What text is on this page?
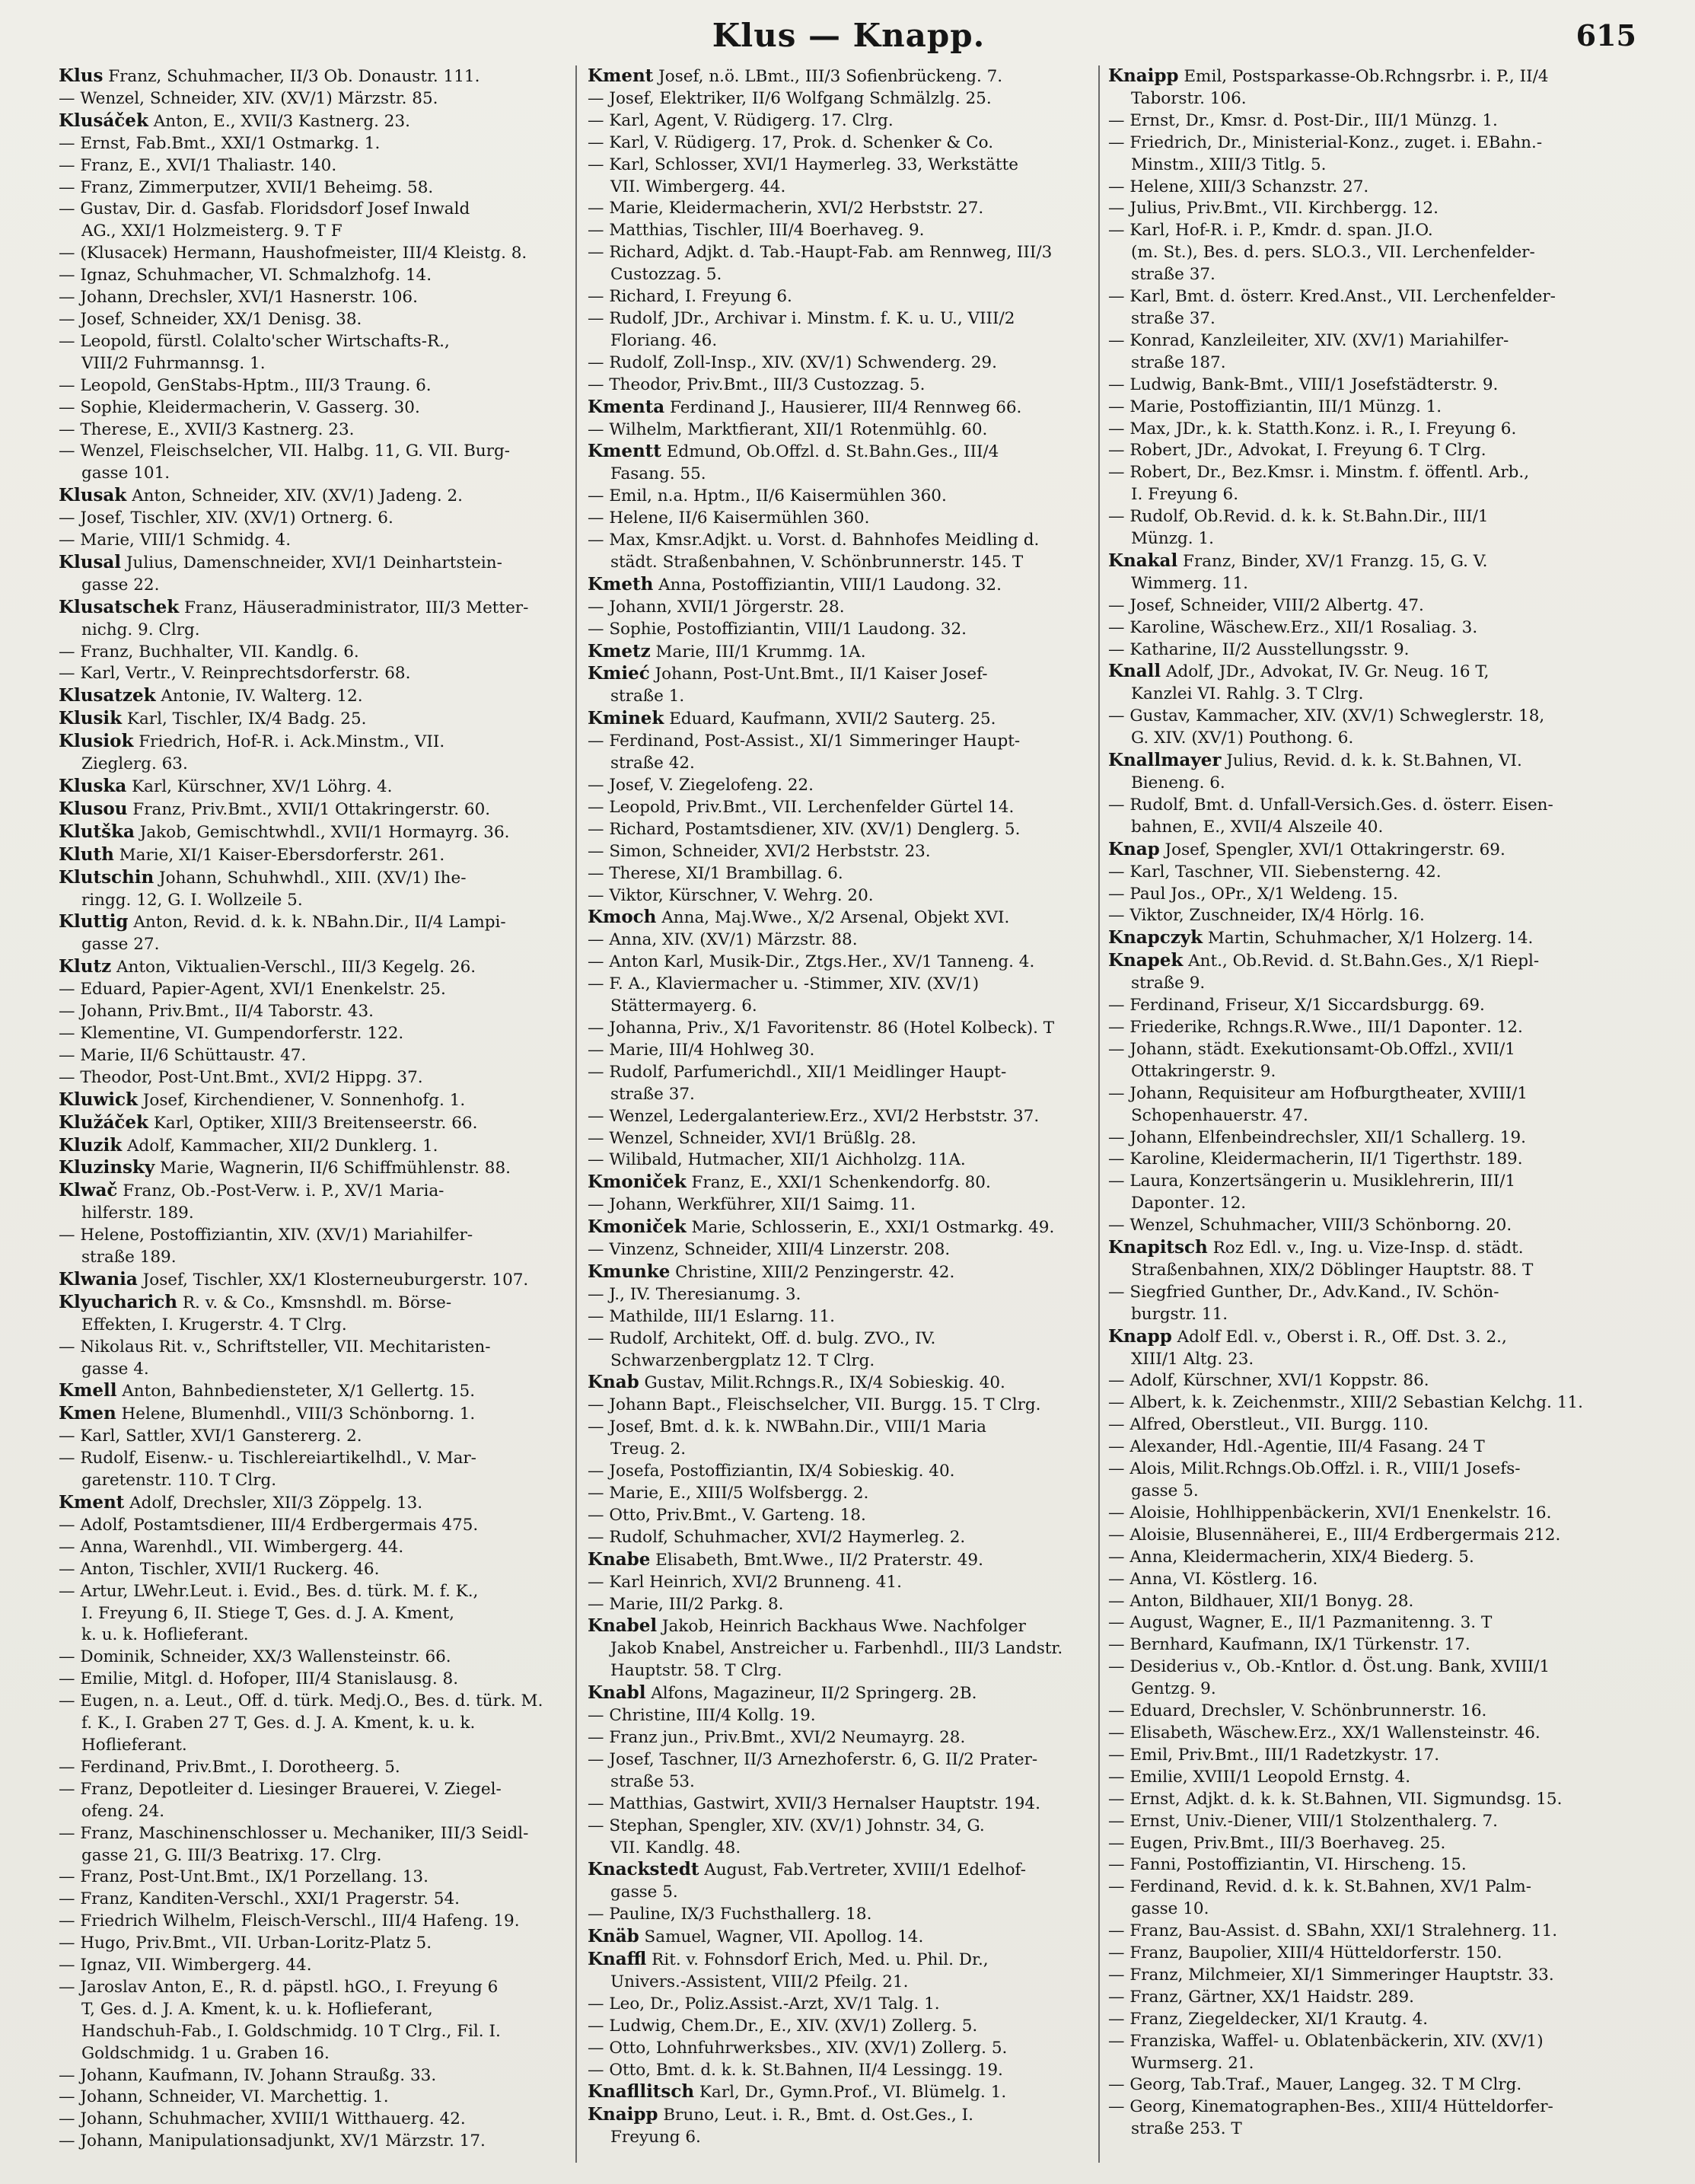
Klus — Knapp.	615
Klus Franz, Schuhmacher, II/3 Ob. Donaustr. 111.
— Wenzel, Schneider, XIV. (XV/1) Märzstr. 85.
Klusáček Anton, E., XVII/3 Kastnerg. 23.
— Ernst, Fab.Bmt., XXI/1 Ostmarkg. 1.
— Franz, E., XVI/1 Thaliastr. 140.
— Franz, Zimmerputzer, XVII/1 Beheimg. 58.
— Gustav, Dir. d. Gasfab. Floridsdorf Josef Inwald
AG., XXI/1 Holzmeisterg. 9. T F
— (Klusacek) Hermann, Haushofmeister, III/4 Kleistg. 8.
— Ignaz, Schuhmacher, VI. Schmalzhofg. 14.
— Johann, Drechsler, XVI/1 Hasnerstr. 106.
— Josef, Schneider, XX/1 Denisg. 38.
— Leopold, fürstl. Colalto'scher Wirtschafts-R.,
VIII/2 Fuhrmannsg. 1.
— Leopold, GenStabs-Hptm., III/3 Traung. 6.
— Sophie, Kleidermacherin, V. Gasserg. 30.
— Therese, E., XVII/3 Kastnerg. 23.
— Wenzel, Fleischselcher, VII. Halbg. 11, G. VII. Burg-
gasse 101.
Klusak Anton, Schneider, XIV. (XV/1) Jadeng. 2.
— Josef, Tischler, XIV. (XV/1) Ortnerg. 6.
— Marie, VIII/1 Schmidg. 4.
Klusal Julius, Damenschneider, XVI/1 Deinhartstein-
gasse 22.
Klusatschek Franz, Häuseradministrator, III/3 Metter-
nichg. 9. Clrg.
— Franz, Buchhalter, VII. Kandlg. 6.
— Karl, Vertr., V. Reinprechtsdorferstr. 68.
Klusatzek Antonie, IV. Walterg. 12.
Klusik Karl, Tischler, IX/4 Badg. 25.
Klusiok Friedrich, Hof-R. i. Ack.Minstm., VII.
Zieglerg. 63.
Kluska Karl, Kürschner, XV/1 Löhrg. 4.
Klusou Franz, Priv.Bmt., XVII/1 Ottakringerstr. 60.
Klutška Jakob, Gemischtwhdl., XVII/1 Hormayrg. 36.
Kluth Marie, XI/1 Kaiser-Ebersdorferstr. 261.
Klutschin Johann, Schuhwhdl., XIII. (XV/1) Ihe-
ringg. 12, G. I. Wollzeile 5.
Kluttig Anton, Revid. d. k. k. NBahn.Dir., II/4 Lampi-
gasse 27.
Klutz Anton, Viktualien-Verschl., III/3 Kegelg. 26.
— Eduard, Papier-Agent, XVI/1 Enenkelstr. 25.
— Johann, Priv.Bmt., II/4 Taborstr. 43.
— Klementine, VI. Gumpendorferstr. 122.
— Marie, II/6 Schüttaustr. 47.
— Theodor, Post-Unt.Bmt., XVI/2 Hippg. 37.
Kluwick Josef, Kirchendiener, V. Sonnenhofg. 1.
Klužáček Karl, Optiker, XIII/3 Breitenseerstr. 66.
Kluzik Adolf, Kammacher, XII/2 Dunklerg. 1.
Kluzinsky Marie, Wagnerin, II/6 Schiffmühlenstr. 88.
Klwač Franz, Ob.-Post-Verw. i. P., XV/1 Maria-
hilferstr. 189.
— Helene, Postoffiziantin, XIV. (XV/1) Mariahilfer-
straße 189.
Klwania Josef, Tischler, XX/1 Klosterneuburgerstr. 107.
Klyucharich R. v. & Co., Kmsnshdl. m. Börse-
Effekten, I. Krugerstr. 4. T Clrg.
— Nikolaus Rit. v., Schriftsteller, VII. Mechitaristen-
gasse 4.
Kmell Anton, Bahnbediensteter, X/1 Gellertg. 15.
Kmen Helene, Blumenhdl., VIII/3 Schönborng. 1.
— Karl, Sattler, XVI/1 Ganstererg. 2.
— Rudolf, Eisenw.- u. Tischlereiartikelhdl., V. Mar-
garetenstr. 110. T Clrg.
Kment Adolf, Drechsler, XII/3 Zöppelg. 13.
— Adolf, Postamtsdiener, III/4 Erdbergermais 475.
— Anna, Warenhdl., VII. Wimbergerg. 44.
— Anton, Tischler, XVII/1 Ruckerg. 46.
— Artur, LWehr.Leut. i. Evid., Bes. d. türk. M. f. K.,
I. Freyung 6, II. Stiege T, Ges. d. J. A. Kment,
k. u. k. Hoflieferant.
— Dominik, Schneider, XX/3 Wallensteinstr. 66.
— Emilie, Mitgl. d. Hofoper, III/4 Stanislausg. 8.
— Eugen, n. a. Leut., Off. d. türk. Medj.O., Bes. d. türk. M.
f. K., I. Graben 27 T, Ges. d. J. A. Kment, k. u. k.
Hoflieferant.
— Ferdinand, Priv.Bmt., I. Dorotheerg. 5.
— Franz, Depotleiter d. Liesinger Brauerei, V. Ziegel-
ofeng. 24.
— Franz, Maschinenschlosser u. Mechaniker, III/3 Seidl-
gasse 21, G. III/3 Beatrixg. 17. Clrg.
— Franz, Post-Unt.Bmt., IX/1 Porzellang. 13.
— Franz, Kanditen-Verschl., XXI/1 Pragerstr. 54.
— Friedrich Wilhelm, Fleisch-Verschl., III/4 Hafeng. 19.
— Hugo, Priv.Bmt., VII. Urban-Loritz-Platz 5.
— Ignaz, VII. Wimbergerg. 44.
— Jaroslav Anton, E., R. d. päpstl. hGO., I. Freyung 6
T, Ges. d. J. A. Kment, k. u. k. Hoflieferant,
Handschuh-Fab., I. Goldschmidg. 10 T Clrg., Fil. I.
Goldschmidg. 1 u. Graben 16.
— Johann, Kaufmann, IV. Johann Straußg. 33.
— Johann, Schneider, VI. Marchettig. 1.
— Johann, Schuhmacher, XVIII/1 Witthauerg. 42.
— Johann, Manipulationsadjunkt, XV/1 Märzstr. 17.
Kment Josef, n.ö. LBmt., III/3 Sofienbrückeng. 7.
— Josef, Elektriker, II/6 Wolfgang Schmälzlg. 25.
— Karl, Agent, V. Rüdigerg. 17. Clrg.
— Karl, V. Rüdigerg. 17, Prok. d. Schenker & Co.
— Karl, Schlosser, XVI/1 Haymerleg. 33, Werkstätte
VII. Wimbergerg. 44.
— Marie, Kleidermacherin, XVI/2 Herbststr. 27.
— Matthias, Tischler, III/4 Boerhaveg. 9.
— Richard, Adjkt. d. Tab.-Haupt-Fab. am Rennweg, III/3
Custozzag. 5.
— Richard, I. Freyung 6.
— Rudolf, JDr., Archivar i. Minstm. f. K. u. U., VIII/2
Floriang. 46.
— Rudolf, Zoll-Insp., XIV. (XV/1) Schwenderg. 29.
— Theodor, Priv.Bmt., III/3 Custozzag. 5.
Kmenta Ferdinand J., Hausierer, III/4 Rennweg 66.
— Wilhelm, Marktfierant, XII/1 Rotenmühlg. 60.
Kmentt Edmund, Ob.Offzl. d. St.Bahn.Ges., III/4
Fasang. 55.
— Emil, n.a. Hptm., II/6 Kaisermühlen 360.
— Helene, II/6 Kaisermühlen 360.
— Max, Kmsr.Adjkt. u. Vorst. d. Bahnhofes Meidling d.
städt. Straßenbahnen, V. Schönbrunnerstr. 145. T
Kmeth Anna, Postoffiziantin, VIII/1 Laudong. 32.
— Johann, XVII/1 Jörgerstr. 28.
— Sophie, Postoffiziantin, VIII/1 Laudong. 32.
Kmetz Marie, III/1 Krummg. 1A.
Kmieć Johann, Post-Unt.Bmt., II/1 Kaiser Josef-
straße 1.
Kminek Eduard, Kaufmann, XVII/2 Sauterg. 25.
— Ferdinand, Post-Assist., XI/1 Simmeringer Haupt-
straße 42.
— Josef, V. Ziegelofeng. 22.
— Leopold, Priv.Bmt., VII. Lerchenfelder Gürtel 14.
— Richard, Postamtsdiener, XIV. (XV/1) Denglerg. 5.
— Simon, Schneider, XVI/2 Herbststr. 23.
— Therese, XI/1 Brambillag. 6.
— Viktor, Kürschner, V. Wehrg. 20.
Kmoch Anna, Maj.Wwe., X/2 Arsenal, Objekt XVI.
— Anna, XIV. (XV/1) Märzstr. 88.
— Anton Karl, Musik-Dir., Ztgs.Her., XV/1 Tanneng. 4.
— F. A., Klaviermacher u. -Stimmer, XIV. (XV/1)
Stättermayerg. 6.
— Johanna, Priv., X/1 Favoritenstr. 86 (Hotel Kolbeck). T
— Marie, III/4 Hohlweg 30.
— Rudolf, Parfumerichdl., XII/1 Meidlinger Haupt-
straße 37.
— Wenzel, Ledergalanteriew.Erz., XVI/2 Herbststr. 37.
— Wenzel, Schneider, XVI/1 Brüßlg. 28.
— Wilibald, Hutmacher, XII/1 Aichholzg. 11A.
Kmoniček Franz, E., XXI/1 Schenkendorfg. 80.
— Johann, Werkführer, XII/1 Saimg. 11.
Kmoniček Marie, Schlosserin, E., XXI/1 Ostmarkg. 49.
— Vinzenz, Schneider, XIII/4 Linzerstr. 208.
Kmunke Christine, XIII/2 Penzingerstr. 42.
— J., IV. Theresianumg. 3.
— Mathilde, III/1 Eslarng. 11.
— Rudolf, Architekt, Off. d. bulg. ZVO., IV.
Schwarzenbergplatz 12. T Clrg.
Knab Gustav, Milit.Rchngs.R., IX/4 Sobieskig. 40.
— Johann Bapt., Fleischselcher, VII. Burgg. 15. T Clrg.
— Josef, Bmt. d. k. k. NWBahn.Dir., VIII/1 Maria
Treug. 2.
— Josefa, Postoffiziantin, IX/4 Sobieskig. 40.
— Marie, E., XIII/5 Wolfsbergg. 2.
— Otto, Priv.Bmt., V. Garteng. 18.
— Rudolf, Schuhmacher, XVI/2 Haymerleg. 2.
Knabe Elisabeth, Bmt.Wwe., II/2 Praterstr. 49.
— Karl Heinrich, XVI/2 Brunneng. 41.
— Marie, III/2 Parkg. 8.
Knabel Jakob, Heinrich Backhaus Wwe. Nachfolger
Jakob Knabel, Anstreicher u. Farbenhdl., III/3 Landstr.
Hauptstr. 58. T Clrg.
Knabl Alfons, Magazineur, II/2 Springerg. 2B.
— Christine, III/4 Kollg. 19.
— Franz jun., Priv.Bmt., XVI/2 Neumayrg. 28.
— Josef, Taschner, II/3 Arnezhoferstr. 6, G. II/2 Prater-
straße 53.
— Matthias, Gastwirt, XVII/3 Hernalser Hauptstr. 194.
— Stephan, Spengler, XIV. (XV/1) Johnstr. 34, G.
VII. Kandlg. 48.
Knackstedt August, Fab.Vertreter, XVIII/1 Edelhof-
gasse 5.
— Pauline, IX/3 Fuchsthallerg. 18.
Knäb Samuel, Wagner, VII. Apollog. 14.
Knaffl Rit. v. Fohnsdorf Erich, Med. u. Phil. Dr.,
Univers.-Assistent, VIII/2 Pfeilg. 21.
— Leo, Dr., Poliz.Assist.-Arzt, XV/1 Talg. 1.
— Ludwig, Chem.Dr., E., XIV. (XV/1) Zollerg. 5.
— Otto, Lohnfuhrwerksbes., XIV. (XV/1) Zollerg. 5.
— Otto, Bmt. d. k. k. St.Bahnen, II/4 Lessingg. 19.
Knafllitsch Karl, Dr., Gymn.Prof., VI. Blümelg. 1.
Knaipp Bruno, Leut. i. R., Bmt. d. Ost.Ges., I.
Freyung 6.
Knaipp Emil, Postsparkasse-Ob.Rchngsrbr. i. P., II/4
Taborstr. 106.
— Ernst, Dr., Kmsr. d. Post-Dir., III/1 Münzg. 1.
— Friedrich, Dr., Ministerial-Konz., zuget. i. EBahn.-
Minstm., XIII/3 Titlg. 5.
— Helene, XIII/3 Schanzstr. 27.
— Julius, Priv.Bmt., VII. Kirchbergg. 12.
— Karl, Hof-R. i. P., Kmdr. d. span. JI.O.
(m. St.), Bes. d. pers. SLO.3., VII. Lerchenfelder-
straße 37.
— Karl, Bmt. d. österr. Kred.Anst., VII. Lerchenfelder-
straße 37.
— Konrad, Kanzleileiter, XIV. (XV/1) Mariahilfer-
straße 187.
— Ludwig, Bank-Bmt., VIII/1 Josefstädterstr. 9.
— Marie, Postoffiziantin, III/1 Münzg. 1.
— Max, JDr., k. k. Statth.Konz. i. R., I. Freyung 6.
— Robert, JDr., Advokat, I. Freyung 6. T Clrg.
— Robert, Dr., Bez.Kmsr. i. Minstm. f. öffentl. Arb.,
I. Freyung 6.
— Rudolf, Ob.Revid. d. k. k. St.Bahn.Dir., III/1
Münzg. 1.
Knakal Franz, Binder, XV/1 Franzg. 15, G. V.
Wimmerg. 11.
— Josef, Schneider, VIII/2 Albertg. 47.
— Karoline, Wäschew.Erz., XII/1 Rosaliag. 3.
— Katharine, II/2 Ausstellungsstr. 9.
Knall Adolf, JDr., Advokat, IV. Gr. Neug. 16 T,
Kanzlei VI. Rahlg. 3. T Clrg.
— Gustav, Kammacher, XIV. (XV/1) Schweglerstr. 18,
G. XIV. (XV/1) Pouthong. 6.
Knallmayer Julius, Revid. d. k. k. St.Bahnen, VI.
Bieneng. 6.
— Rudolf, Bmt. d. Unfall-Versich.Ges. d. österr. Eisen-
bahnen, E., XVII/4 Alszeile 40.
Knap Josef, Spengler, XVI/1 Ottakringerstr. 69.
— Karl, Taschner, VII. Siebensterng. 42.
— Paul Jos., OPr., X/1 Weldeng. 15.
— Viktor, Zuschneider, IX/4 Hörlg. 16.
Knapczyk Martin, Schuhmacher, X/1 Holzerg. 14.
Knapek Ant., Ob.Revid. d. St.Bahn.Ges., X/1 Riepl-
straße 9.
— Ferdinand, Friseur, X/1 Siccardsburgg. 69.
— Friederike, Rchngs.R.Wwe., III/1 Dapontег. 12.
— Johann, städt. Exekutionsamt-Ob.Offzl., XVII/1
Ottakringerstr. 9.
— Johann, Requisiteur am Hofburgtheater, XVIII/1
Schopenhauerstr. 47.
— Johann, Elfenbeindrechsler, XII/1 Schallerg. 19.
— Karoline, Kleidermacherin, II/1 Tigerthstr. 189.
— Laura, Konzertsängerin u. Musiklehrerin, III/1
Dapontег. 12.
— Wenzel, Schuhmacher, VIII/3 Schönborng. 20.
Knapitsch Roz Edl. v., Ing. u. Vize-Insp. d. städt.
Straßenbahnen, XIX/2 Döblinger Hauptstr. 88. T
— Siegfried Gunther, Dr., Adv.Kand., IV. Schön-
burgstr. 11.
Knapp Adolf Edl. v., Oberst i. R., Off. Dst. 3. 2.,
XIII/1 Altg. 23.
— Adolf, Kürschner, XVI/1 Koppstr. 86.
— Albert, k. k. Zeichenmstr., XIII/2 Sebastian Kelchg. 11.
— Alfred, Oberstleut., VII. Burgg. 110.
— Alexander, Hdl.-Agentie, III/4 Fasang. 24 T
— Alois, Milit.Rchngs.Ob.Offzl. i. R., VIII/1 Josefs-
gasse 5.
— Aloisie, Hohlhippenbäckerin, XVI/1 Enenkelstr. 16.
— Aloisie, Blusennäherei, E., III/4 Erdbergermais 212.
— Anna, Kleidermacherin, XIX/4 Biederg. 5.
— Anna, VI. Köstlerg. 16.
— Anton, Bildhauer, XII/1 Bonyg. 28.
— August, Wagner, E., II/1 Pazmanitenng. 3. T
— Bernhard, Kaufmann, IX/1 Türkenstr. 17.
— Desiderius v., Ob.-Kntlor. d. Öst.ung. Bank, XVIII/1
Gentzg. 9.
— Eduard, Drechsler, V. Schönbrunnerstr. 16.
— Elisabeth, Wäschew.Erz., XX/1 Wallensteinstr. 46.
— Emil, Priv.Bmt., III/1 Radetzkystr. 17.
— Emilie, XVIII/1 Leopold Ernstg. 4.
— Ernst, Adjkt. d. k. k. St.Bahnen, VII. Sigmundsg. 15.
— Ernst, Univ.-Diener, VIII/1 Stolzenthalerg. 7.
— Eugen, Priv.Bmt., III/3 Boerhaveg. 25.
— Fanni, Postoffiziantin, VI. Hirscheng. 15.
— Ferdinand, Revid. d. k. k. St.Bahnen, XV/1 Palm-
gasse 10.
— Franz, Bau-Assist. d. SBahn, XXI/1 Stralehnerg. 11.
— Franz, Baupolier, XIII/4 Hütteldorferstr. 150.
— Franz, Milchmeier, XI/1 Simmeringer Hauptstr. 33.
— Franz, Gärtner, XX/1 Haidstr. 289.
— Franz, Ziegeldecker, XI/1 Krautg. 4.
— Franziska, Waffel- u. Oblatenbäckerin, XIV. (XV/1)
Wurmserg. 21.
— Georg, Tab.Traf., Mauer, Langeg. 32. T M Clrg.
— Georg, Kinematographen-Bes., XIII/4 Hütteldorfer-
straße 253. T
